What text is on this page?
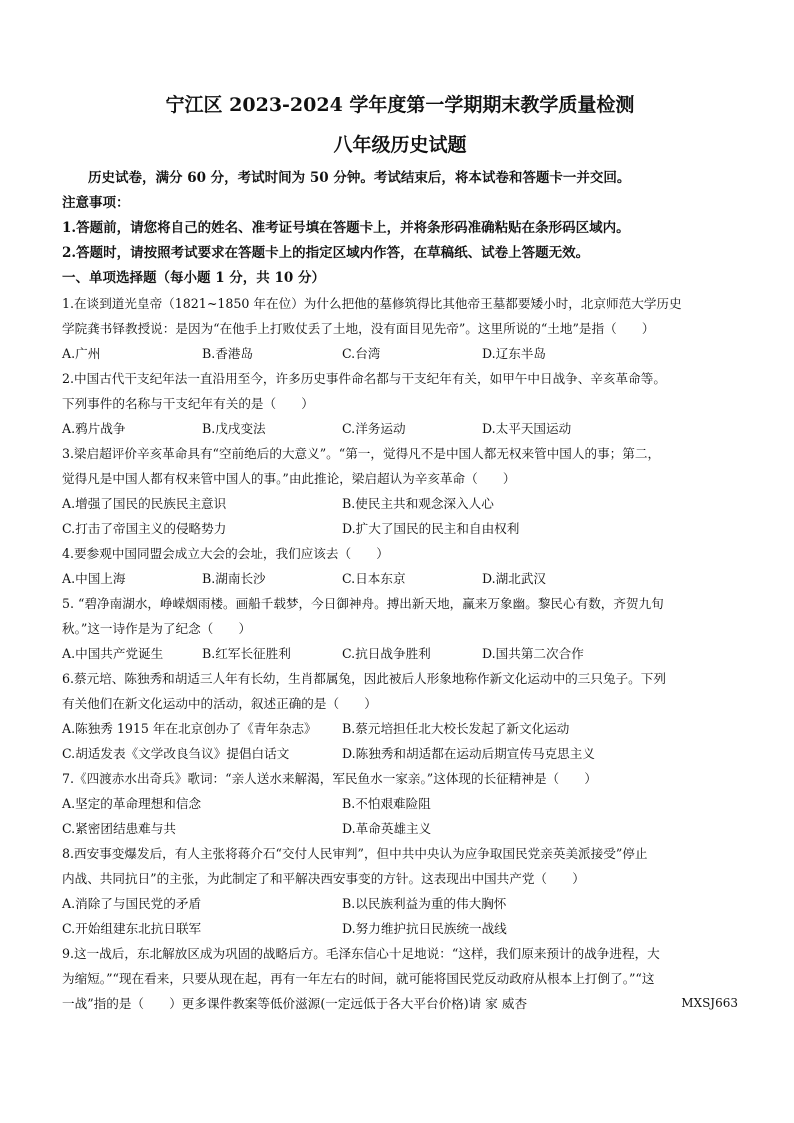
宁江区 2023-2024 学年度第一学期期末教学质量检测

八年级历史试题

历史试卷，满分 60 分，考试时间为 50 分钟。考试结束后，将本试卷和答题卡一并交回。

注意事项：

1.答题前，请您将自己的姓名、准考证号填在答题卡上，并将条形码准确粘贴在条形码区域内。

2.答题时，请按照考试要求在答题卡上的指定区域内作答，在草稿纸、试卷上答题无效。

一、单项选择题（每小题 1 分，共 10 分）

1.在谈到道光皇帝（1821~1850 年在位）为什么把他的墓修筑得比其他帝王墓都要矮小时，北京师范大学历史

学院龚书铎教授说：是因为“在他手上打败仗丢了土地，没有面目见先帝”。这里所说的“土地”是指（　　）

A.广州	B.香港岛	C.台湾	D.辽东半岛

2.中国古代干支纪年法一直沿用至今，许多历史事件命名都与干支纪年有关，如甲午中日战争、辛亥革命等。

下列事件的名称与干支纪年有关的是（　　）

A.鸦片战争	B.戊戌变法	C.洋务运动	D.太平天国运动

3.梁启超评价辛亥革命具有“空前绝后的大意义”。“第一，觉得凡不是中国人都无权来管中国人的事；第二，

觉得凡是中国人都有权来管中国人的事。”由此推论，梁启超认为辛亥革命（　　）

A.增强了国民的民族民主意识	B.使民主共和观念深入人心
C.打击了帝国主义的侵略势力	D.扩大了国民的民主和自由权利

4.要参观中国同盟会成立大会的会址，我们应该去（　　）

A.中国上海	B.湖南长沙	C.日本东京	D.湖北武汉

5. “碧净南湖水，峥嵘烟雨楼。画船千载梦，今日御神舟。搏出新天地，赢来万象幽。黎民心有数，齐贺九旬

秋。”这一诗作是为了纪念（　　）

A.中国共产党诞生	B.红军长征胜利	C.抗日战争胜利	D.国共第二次合作

6.蔡元培、陈独秀和胡适三人年有长幼，生肖都属兔，因此被后人形象地称作新文化运动中的三只兔子。下列

有关他们在新文化运动中的活动，叙述正确的是（　　）

A.陈独秀 1915 年在北京创办了《青年杂志》	B.蔡元培担任北大校长发起了新文化运动
C.胡适发表《文学改良刍议》提倡白话文	D.陈独秀和胡适都在运动后期宣传马克思主义

7.《四渡赤水出奇兵》歌词：“亲人送水来解渴，军民鱼水一家亲。”这体现的长征精神是（　　）

A.坚定的革命理想和信念	B.不怕艰难险阻
C.紧密团结患难与共	D.革命英雄主义

8.西安事变爆发后，有人主张将蒋介石“交付人民审判”，但中共中央认为应争取国民党亲英美派接受”停止

内战、共同抗日”的主张，为此制定了和平解决西安事变的方针。这表现出中国共产党（　　）

A.消除了与国民党的矛盾	B.以民族利益为重的伟大胸怀
C.开始组建东北抗日联军	D.努力维护抗日民族统一战线

9.这一战后，东北解放区成为巩固的战略后方。毛泽东信心十足地说：“这样，我们原来预计的战争进程，大

为缩短。”“现在看来，只要从现在起，再有一年左右的时间，就可能将国民党反动政府从根本上打倒了。”“这

一战”指的是（　　）更多课件教案等低价滋源(一定远低于各大平台价格)请 家 威杏	MXSJ663
